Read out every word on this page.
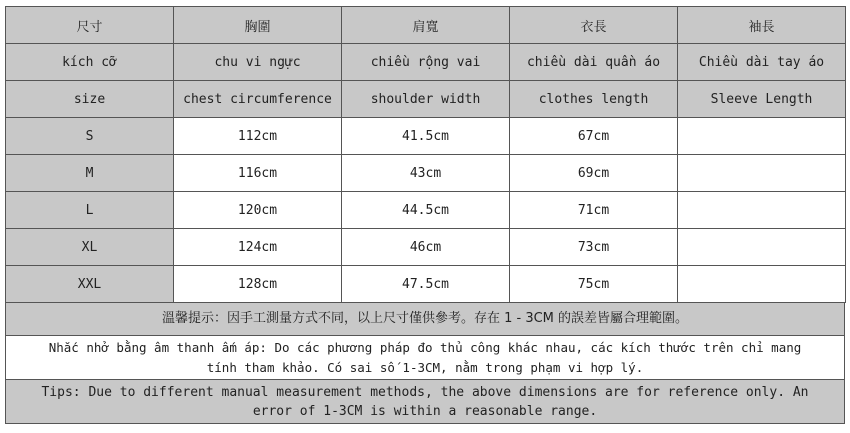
尺寸	胸圍	肩寬	衣長	袖長
kích cỡ	chu vi ngực	chiều rộng vai	chiều dài quần áo	Chiều dài tay áo
size	chest circumference	shoulder width	clothes length	Sleeve Length
S	112cm	41.5cm	67cm	
M	116cm	43cm	69cm	
L	120cm	44.5cm	71cm	
XL	124cm	46cm	73cm	
XXL	128cm	47.5cm	75cm	
溫馨提示：因手工測量方式不同，以上尺寸僅供參考。存在 1 - 3CM 的誤差皆屬合理範圍。
Nhắc nhở bằng âm thanh ấm áp: Do các phương pháp đo thủ công khác nhau, các kích thước trên chỉ mang
tính tham khảo. Có sai số 1-3CM, nằm trong phạm vi hợp lý.
Tips: Due to different manual measurement methods, the above dimensions are for reference only. An
error of 1-3CM is within a reasonable range.
